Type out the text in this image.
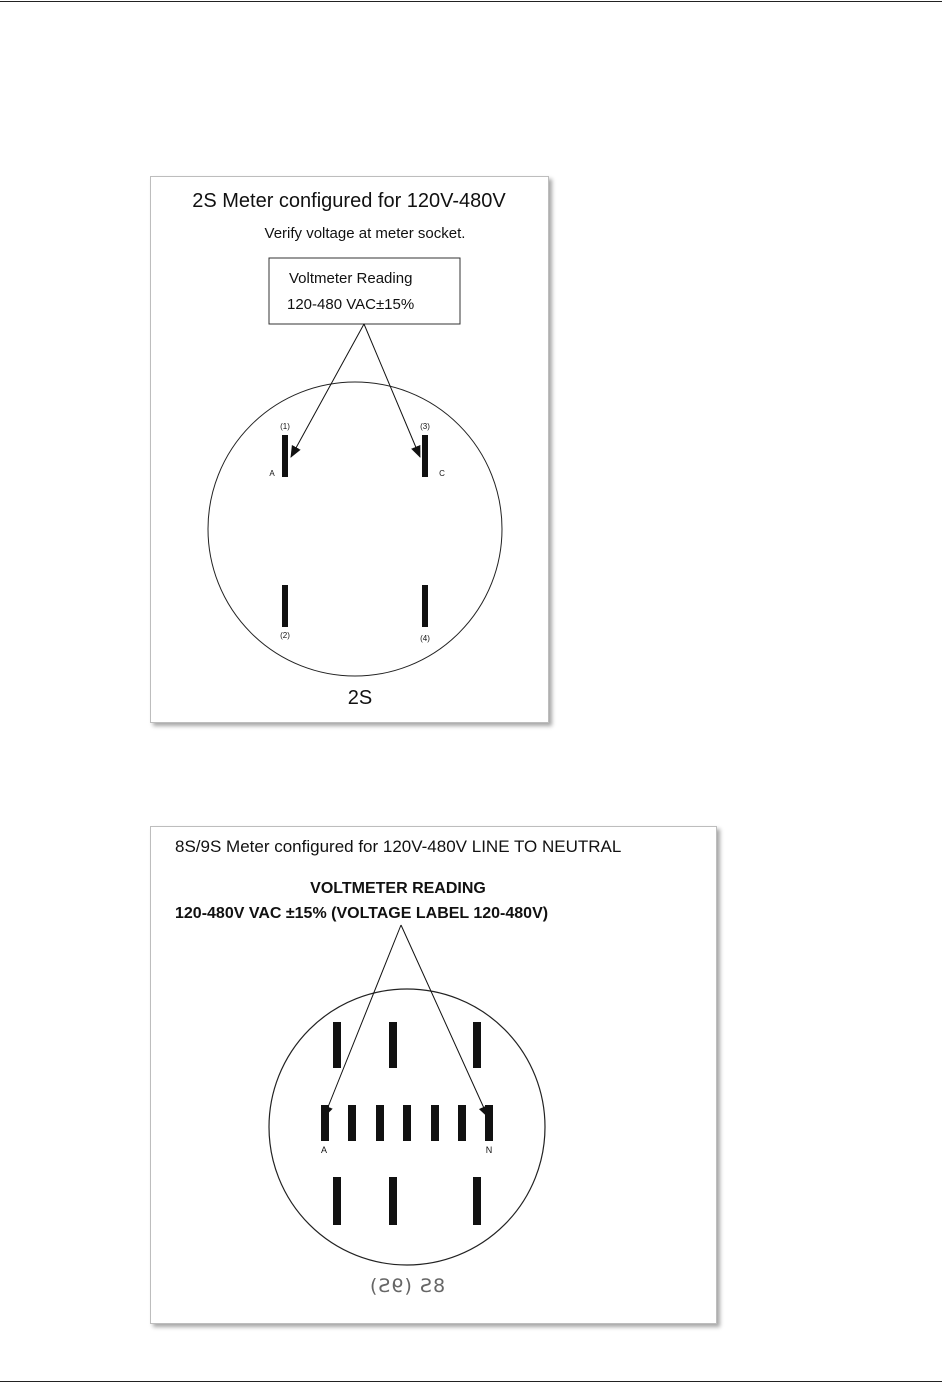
2S Meter configured for 120V-480V
Verify voltage at meter socket.
Voltmeter Reading
120-480 VAC±15%
(1)	(3)
(2)	(4)
A	C
2S
8S/9S Meter configured for 120V-480V LINE TO NEUTRAL
VOLTMETER READING
120-480V VAC ±15% (VOLTAGE LABEL 120-480V)
A	N
8S (9S)
